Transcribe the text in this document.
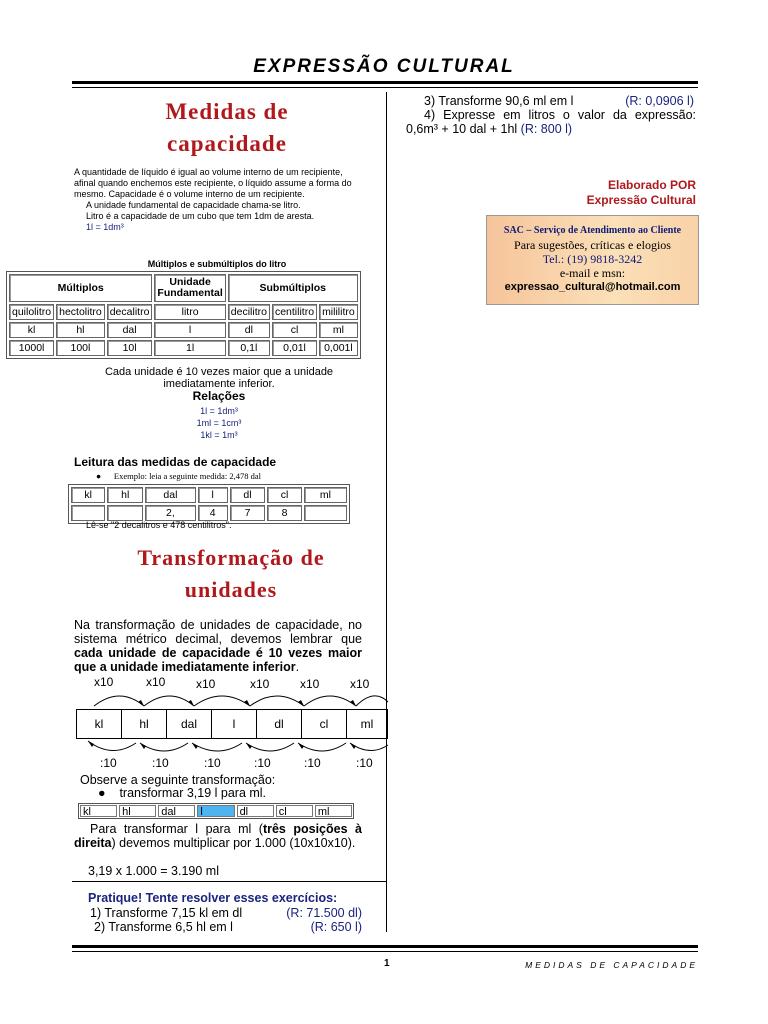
EXPRESSÃO CULTURAL
Medidas de
capacidade
A quantidade de líquido é igual ao volume interno de um recipiente, afinal quando enchemos este recipiente, o líquido assume a forma do mesmo. Capacidade é o volume interno de um recipiente.
A unidade fundamental de capacidade chama-se litro.
Litro é a capacidade de um cubo que tem 1dm de aresta.
1l = 1dm³
Múltiplos e submúltiplos do litro
Múltiplos			Unidade Fundamental	Submúltiplos		
quilolitro	hectolitro	decalitro	litro	decilitro	centilitro	mililitro
kl	hl	dal	l	dl	cl	ml
1000l	100l	10l	1l	0,1l	0,01l	0,001l
Cada unidade é 10 vezes maior que a unidade imediatamente inferior.
Relações
1l = 1dm³
1ml = 1cm³
1kl = 1m³
Leitura das medidas de capacidade
●      Exemplo: leia a seguinte medida: 2,478 dal
kl	hl	dal	l	dl	cl	ml
		2,	4	7	8	
Lê-se "2 decalitros e 478 centilitros".
Transformação de
unidades
Na transformação de unidades de capacidade, no sistema métrico decimal, devemos lembrar que cada unidade de capacidade é 10 vezes maior que a unidade imediatamente inferior.
x10	x10	x10	x10	x10	x10
kl	hl	dal	l	dl	cl	ml
:10	:10	:10	:10	:10	:10
Observe a seguinte transformação:
●    transformar 3,19 l para ml.
kl	hl	dal	l	dl	cl	ml
Para transformar l para ml (três posições à direita) devemos multiplicar por 1.000 (10x10x10).
3,19 x 1.000 = 3.190 ml
Pratique! Tente resolver esses exercícios:
1) Transforme 7,15 kl em dl	(R: 71.500 dl)
2) Transforme 6,5 hl em l	(R: 650 l)
3) Transforme 90,6 ml em l	(R: 0,0906 l)
4) Expresse em litros o valor da expressão: 0,6m³ + 10 dal + 1hl (R: 800 l)
Elaborado POR
Expressão Cultural
SAC – Serviço de Atendimento ao Cliente
Para sugestões, críticas e elogios
Tel.: (19) 9818-3242
e-mail e msn:
expressao_cultural@hotmail.com
1	MEDIDAS DE CAPACIDADE
